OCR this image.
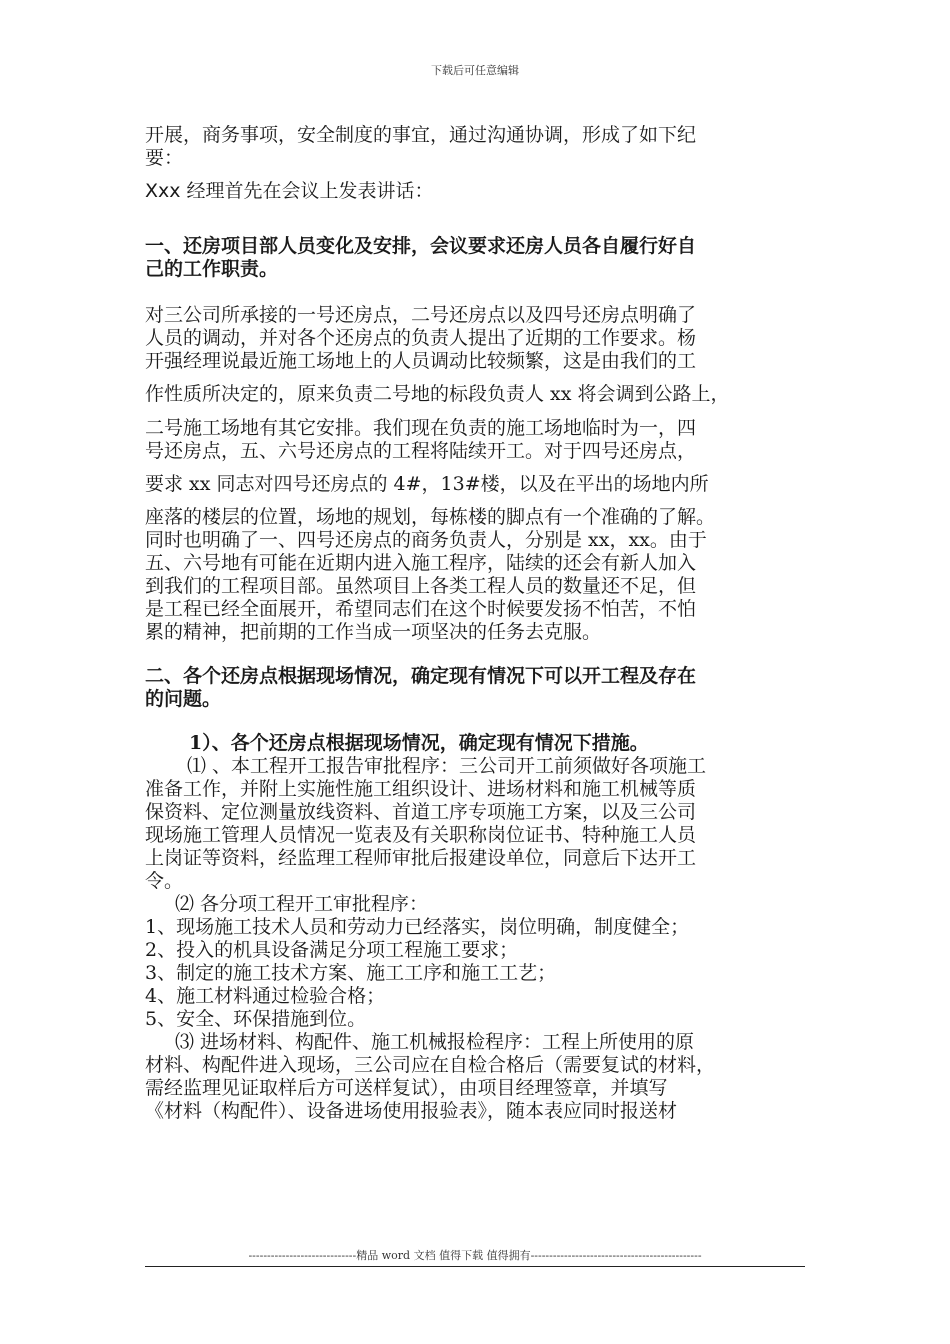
下载后可任意编辑
开展，商务事项，安全制度的事宜，通过沟通协调，形成了如下纪
要：
Xxx 经理首先在会议上发表讲话：
一、还房项目部人员变化及安排，会议要求还房人员各自履行好自
己的工作职责。
对三公司所承接的一号还房点，二号还房点以及四号还房点明确了
人员的调动，并对各个还房点的负责人提出了近期的工作要求。杨
开强经理说最近施工场地上的人员调动比较频繁，这是由我们的工
作性质所决定的，原来负责二号地的标段负责人 xx 将会调到公路上，
二号施工场地有其它安排。我们现在负责的施工场地临时为一，四
号还房点，五、六号还房点的工程将陆续开工。对于四号还房点，
要求 xx 同志对四号还房点的 4#，13#楼，以及在平出的场地内所
座落的楼层的位置，场地的规划，每栋楼的脚点有一个准确的了解。
同时也明确了一、四号还房点的商务负责人，分别是 xx，xx。由于
五、六号地有可能在近期内进入施工程序，陆续的还会有新人加入
到我们的工程项目部。虽然项目上各类工程人员的数量还不足，但
是工程已经全面展开，希望同志们在这个时候要发扬不怕苦，不怕
累的精神，把前期的工作当成一项坚决的任务去克服。
二、各个还房点根据现场情况，确定现有情况下可以开工程及存在
的问题。
1）、各个还房点根据现场情况，确定现有情况下措施。
⑴ 、本工程开工报告审批程序：三公司开工前须做好各项施工
准备工作，并附上实施性施工组织设计、进场材料和施工机械等质
保资料、定位测量放线资料、首道工序专项施工方案，以及三公司
现场施工管理人员情况一览表及有关职称岗位证书、特种施工人员
上岗证等资料，经监理工程师审批后报建设单位，同意后下达开工
令。
⑵ 各分项工程开工审批程序：
1、现场施工技术人员和劳动力已经落实，岗位明确，制度健全；
2、投入的机具设备满足分项工程施工要求；
3、制定的施工技术方案、施工工序和施工工艺；
4、施工材料通过检验合格；
5、安全、环保措施到位。
⑶ 进场材料、构配件、施工机械报检程序：工程上所使用的原
材料、构配件进入现场，三公司应在自检合格后（需要复试的材料，
需经监理见证取样后方可送样复试），由项目经理签章，并填写
《材料（构配件）、设备进场使用报验表》，随本表应同时报送材
-----------------------------精品 word 文档 值得下载 值得拥有----------------------------------------------
